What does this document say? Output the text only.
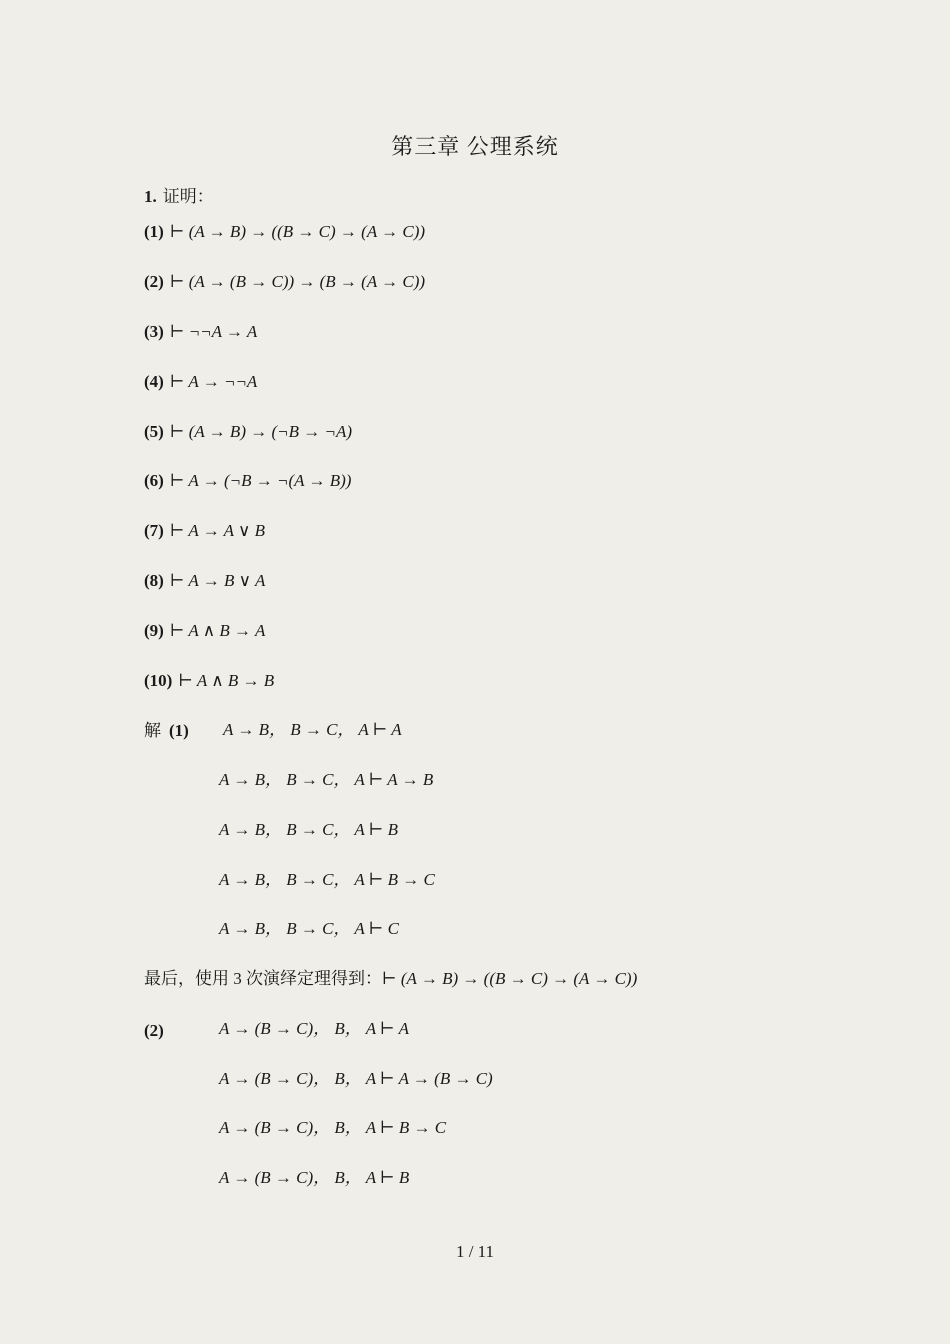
第三章 公理系统
1. 证明：
(1) ⊢ (A → B) → ((B → C) → (A → C))
(2) ⊢ (A → (B → C)) → (B → (A → C))
(3) ⊢ ¬¬A → A
(4) ⊢ A → ¬¬A
(5) ⊢ (A → B) → (¬B → ¬A)
(6) ⊢ A → (¬B → ¬(A → B))
(7) ⊢ A → A ∨ B
(8) ⊢ A → B ∨ A
(9) ⊢ A ∧ B → A
(10) ⊢ A ∧ B → B
解 (1)	A → B， B → C， A ⊢ A
A → B， B → C， A ⊢ A → B
A → B， B → C， A ⊢ B
A → B， B → C， A ⊢ B → C
A → B， B → C， A ⊢ C
最后，使用 3 次演绎定理得到：⊢ (A → B) → ((B → C) → (A → C))
(2)	A → (B → C)， B， A ⊢ A
A → (B → C)， B， A ⊢ A → (B → C)
A → (B → C)， B， A ⊢ B → C
A → (B → C)， B， A ⊢ B
1 / 11
